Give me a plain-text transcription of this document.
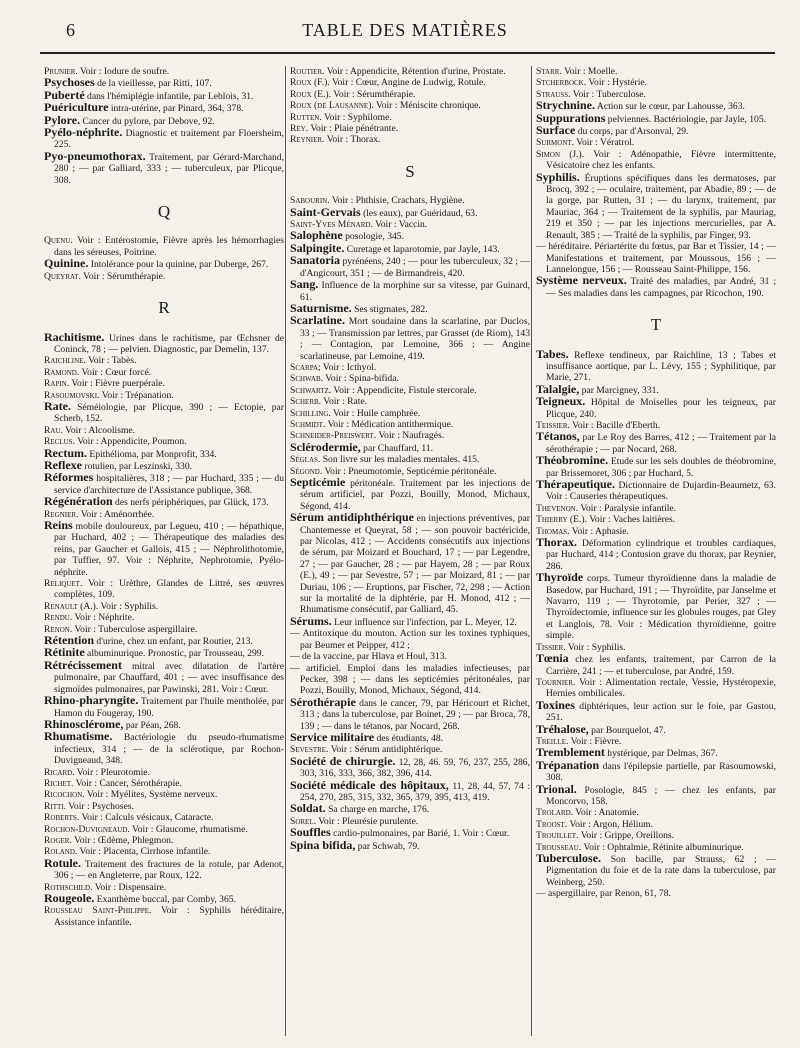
6	TABLE DES MATIÈRES

Prunier. Voir : Iodure de soufre.

Psychoses de la vieillesse, par Ritti, 107.

Puberté dans l'hémiplégie infantile, par Leblois, 31.

Puériculture intra-utérine, par Pinard, 364, 378.

Pylore. Cancer du pylore, par Debove, 92.

Pyélo-néphrite. Diagnostic et traitement par Floersheim, 225.

Pyo-pneumothorax. Traitement, par Gérard-Marchand, 280 ; — par Galliard, 333 ; — tuberculeux, par Plicque, 308.

Q

Quenu. Voir : Entérostomie, Fièvre après les hémorrhagies dans les séreuses, Poitrine.

Quinine. Intolérance pour la quinine, par Duberge, 267.

Queyrat. Voir : Sérumthérapie.

R

Rachitisme. Urines dans le rachitisme, par Œchsner de Coninck, 78 ; — pelvien. Diagnostic, par Demelin, 137.

Raichline. Voir : Tabès.

Ramond. Voir : Cœur forcé.

Rapin. Voir : Fièvre puerpérale.

Rasoumovski. Voir : Trépanation.

Rate. Séméiologie, par Plicque, 390 ; — Ectopie, par Scherb, 152.

Rau. Voir : Alcoolisme.

Reclus. Voir : Appendicite, Poumon.

Rectum. Epithélioma, par Monprofit, 334.

Reflexe rotulien, par Leszinski, 330.

Réformes hospitalières, 318 ; — par Huchard, 335 ; — du service d'architecture de l'Assistance publique, 368.

Régénération des nerfs périphériques, par Glück, 173.

Regnier. Voir : Aménorrhée.

Reins mobile douloureux, par Legueu, 410 ; — hépathique, par Huchard, 402 ; — Thérapeutique des maladies des reins, par Gaucher et Gallois, 415 ; — Néphrolithotomie, par Tuffier, 97. Voir : Néphrite, Nephrotomie, Pyélo-néphrite.

Reliquet. Voir : Urèthre, Glandes de Littré, ses œuvres complètes, 109.

Renault (A.). Voir : Syphilis.

Rendu. Voir : Néphrite.

Renon. Voir : Tuberculose aspergillaire.

Rétention d'urine, chez un enfant, par Routier, 213.

Rétinite albuminurique. Pronostic, par Trousseau, 299.

Rétrécissement mitral avec dilatation de l'artère pulmonaire, par Chauffard, 401 ; — avec insuffisance des sigmoïdes pulmonaires, par Pawinski, 281. Voir : Cœur.

Rhino-pharyngite. Traitement par l'huile mentholée, par Hamon du Fougeray, 190.

Rhinosclérome, par Péan, 268.

Rhumatisme. Bactériologie du pseudo-rhumatisme infectieux, 314 ; — de la sclérotique, par Rochon-Duvigneaud, 348.

Ricard. Voir : Pleurotomie.

Richet. Voir : Cancer, Sérothérapie.

Ricochon. Voir : Myélites, Système nerveux.

Ritti. Voir : Psychoses.

Roberts. Voir : Calculs vésicaux, Cataracte.

Rochon-Duvigneaud. Voir : Glaucome, rhumatisme.

Roger. Voir : Œdème, Phlegmon.

Roland. Voir : Placenta, Cirrhose infantile.

Rotule. Traitement des fractures de la rotule, par Adenot, 306 ; — en Angleterre, par Roux, 122.

Rothschild. Voir : Dispensaire.

Rougeole. Exanthème buccal, par Comby, 365.

Rousseau Saint-Philippe. Voir : Syphilis héréditaire, Assistance infantile.

Routier. Voir : Appendicite, Rétention d'urine, Prostate.

Roux (F.). Voir : Cœur, Angine de Ludwig, Rotule.

Roux (E.). Voir : Sérumthérapie.

Roux (de Lausanne). Voir : Méniscite chronique.

Rutten. Voir : Syphilome.

Rey. Voir : Plaie pénétrante.

Reynier. Voir : Thorax.

S

Sabourin. Voir : Phthisie, Crachats, Hygiène.

Saint-Gervais (les eaux), par Guéridaud, 63.

Saint-Yves Ménard. Voir : Vaccin.

Salophène posologie, 345.

Salpingite. Curetage et laparotomie, par Jayle, 143.

Sanatoria pyrénéens, 240 ; — pour les tuberculeux, 32 ; — d'Angicourt, 351 ; — de Birmandreis, 420.

Sang. Influence de la morphine sur sa vitesse, par Guinard, 61.

Saturnisme. Ses stigmates, 282.

Scarlatine. Mort soudaine dans la scarlatine, par Duclos, 33 ; — Transmission par lettres, par Grasset (de Riom), 143 ; — Contagion, par Lemoine, 366 ; — Angine scarlatineuse, par Lemoine, 419.

Scarpa; Voir : Icthyol.

Schwab. Voir : Spina-bifida.

Schwartz. Voir : Appendicite, Fistule stercorale.

Scherb. Voir : Rate.

Schilling. Voir : Huile camphrée.

Schmidt. Voir : Médication antithermique.

Schneider-Preiswert. Voir : Naufragés.

Sclérodermie, par Chauffard, 11.

Séglas. Son livre sur les maladies mentales. 415.

Ségond. Voir : Pneumotomie, Septicémie péritonéale.

Septicémie péritonéale. Traitement par les injections de sérum artificiel, par Pozzi, Bouilly, Monod, Michaux, Ségond, 414.

Sérum antidiphthérique en injections préventives, par Chantemesse et Queyrat, 58 ; — son pouvoir bactéricide, par Nicolas, 412 ; — Accidents consécutifs aux injections de sérum, par Moizard et Bouchard, 17 ; — par Legendre, 27 ; — par Gaucher, 28 ; — par Hayem, 28 ; — par Roux (E.), 49 ; — par Sevestre, 57 ; — par Moizard, 81 ; — par Duriau, 106 ; — Eruptions, par Fischer, 72, 298 ; — Action sur la mortalité de la diphtérie, par H. Monod, 412 ; — Rhumatisme consécutif, par Galliard, 45.

Sérums. Leur influence sur l'infection, par L. Meyer, 12.

— Antitoxique du mouton. Action sur les toxines typhiques, par Beumer et Peipper, 412 ;

— de la vaccine, par Hlava et Houl, 313.

— artificiel. Emploi dans les maladies infectieuses, par Pecker, 398 ; — dans les septicémies péritonéales, par Pozzi, Bouilly, Monod, Michaux, Ségond, 414.

Sérothérapie dans le cancer, 79, par Héricourt et Richet, 313 ; dans la tuberculose, par Boinet, 29 ; — par Broca, 78, 139 ; — dans le tétanos, par Nocard, 268.

Service militaire des étudiants, 48.

Sevestre. Voir : Sérum antidiphtérique.

Société de chirurgie. 12, 28, 46. 59, 76, 237, 255, 286, 303, 316, 333, 366, 382, 396, 414.

Société médicale des hôpitaux, 11, 28, 44, 57, 74 : 254, 270, 285, 315, 332, 365, 379, 395, 413, 419.

Soldat. Sa charge en marche, 176.

Sorel. Voir : Pleurésie purulente.

Souffles cardio-pulmonaires, par Barié, 1. Voir : Cœur.

Spina bifida, par Schwab, 79.

Starr. Voir : Moelle.

Stcherbock. Voir : Hystérie.

Strauss. Voir : Tuberculose.

Strychnine. Action sur le cœur, par Lahousse, 363.

Suppurations pelviennes. Bactériologie, par Jayle, 105.

Surface du corps, par d'Arsonval, 29.

Surmont. Voir : Vératrol.

Simon (J.). Voir : Adénopathie, Fièvre intermittente, Vésicatoire chez les enfants.

Syphilis. Éruptions spécifiques dans les dermatoses, par Brocq, 392 ; — oculaire, traitement, par Abadie, 89 ; — de la gorge, par Rutten, 31 ; — du larynx, traitement, par Mauriac, 364 ; — Traitement de la syphilis, par Mauriag, 219 et 350 ; — par les injections mercurielles, par A. Renault, 385 ; — Traité de la syphilis, par Finger, 93.

— héréditaire. Périartérite du fœtus, par Bar et Tissier, 14 ; — Manifestations et traitement, par Moussous, 156 ; — Lannelongue, 156 ; — Rousseau Saint-Philippe, 156.

Système nerveux. Traité des maladies, par André, 31 ; — Ses maladies dans les campagnes, par Ricochon, 190.

T

Tabes. Reflexe tendineux, par Raichline, 13 ; Tabes et insuffisance aortique, par L. Lévy, 155 ; Syphilitique, par Marie, 271.

Talalgie, par Marcigney, 331.

Teigneux. Hôpital de Moiselles pour les teigneux, par Plicque, 240.

Teissier. Voir : Bacille d'Eberth.

Tétanos, par Le Roy des Barres, 412 ; — Traitement par la sérothérapie ; — par Nocard, 268.

Théobromine. Etude sur les sels doubles de théobromine, par Brissemoret, 306 ; par Huchard, 5.

Thérapeutique. Dictionnaire de Dujardin-Beaumetz, 63. Voir : Causeries thérapeutiques.

Thevenon. Voir : Paralysie infantile.

Thierry (E.). Voir : Vaches laitières.

Thomas. Voir : Aphasie.

Thorax. Déformation cylindrique et troubles cardiaques, par Huchard, 414 ; Contusion grave du thorax, par Reynier, 286.

Thyroïde corps. Tumeur thyroïdienne dans la maladie de Basedow, par Huchard, 191 ; — Thyroïdite, par Janselme et Navarro, 119 ; — Thyrotomie, par Perier, 327 ; — Thyroïdectomie, influence sur les globules rouges, par Gley et Langlois, 78. Voir : Médication thyroïdienne, goitre simple.

Tissier. Voir : Syphilis.

Tœnia chez les enfants, traitement, par Carron de la Carrière, 241 ; — et tuberculose, par André, 159.

Tournier. Voir : Alimentation rectale, Vessie, Hystéropexie, Hernies ombilicales.

Toxines diphtériques, leur action sur le foie, par Gastou, 251.

Tréhalose, par Bourquelot, 47.

Treille. Voir : Fièvre.

Tremblement hystérique, par Delmas, 367.

Trépanation dans l'épilepsie partielle, par Rasoumowski, 308.

Trional. Posologie, 845 ; — chez les enfants, par Moncorvo, 158.

Trolard. Voir : Anatomie.

Troost. Voir : Argon, Hélium.

Trouillet. Voir : Grippe, Oreillons.

Trousseau. Voir : Ophtalmie, Rétinite albuminurique.

Tuberculose. Son bacille, par Strauss, 62 ; — Pigmentation du foie et de la rate dans la tuberculose, par Weinberg, 250.

— aspergillaire, par Renon, 61, 78.
